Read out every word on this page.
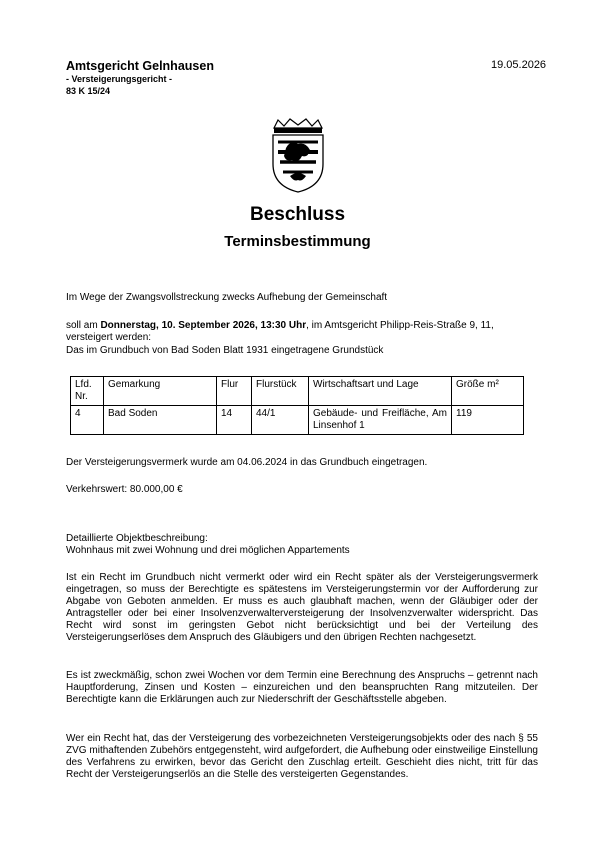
Amtsgericht Gelnhausen
- Versteigerungsgericht -
83 K 15/24
19.05.2026
Beschluss
Terminsbestimmung
Im Wege der Zwangsvollstreckung zwecks Aufhebung der Gemeinschaft
soll am Donnerstag, 10. September 2026, 13:30 Uhr, im Amtsgericht Philipp-Reis-Straße 9, 11, versteigert werden:
Das im Grundbuch von Bad Soden Blatt 1931 eingetragene Grundstück
Lfd. Nr.	Gemarkung	Flur	Flurstück	Wirtschaftsart und Lage	Größe m²
4	Bad Soden	14	44/1	Gebäude- und Freifläche, Am Linsenhof 1	119
Der Versteigerungsvermerk wurde am 04.06.2024 in das Grundbuch eingetragen.
Verkehrswert: 80.000,00 €
Detaillierte Objektbeschreibung:
Wohnhaus mit zwei Wohnung und drei möglichen Appartements
Ist ein Recht im Grundbuch nicht vermerkt oder wird ein Recht später als der Versteigerungsvermerk eingetragen, so muss der Berechtigte es spätestens im Versteigerungstermin vor der Aufforderung zur Abgabe von Geboten anmelden. Er muss es auch glaubhaft machen, wenn der Gläubiger oder der Antragsteller oder bei einer Insolvenzverwalterversteigerung der Insolvenzverwalter widerspricht. Das Recht wird sonst im geringsten Gebot nicht berücksichtigt und bei der Verteilung des Versteigerungserlöses dem Anspruch des Gläubigers und den übrigen Rechten nachgesetzt.
Es ist zweckmäßig, schon zwei Wochen vor dem Termin eine Berechnung des Anspruchs – getrennt nach Hauptforderung, Zinsen und Kosten – einzureichen und den beanspruchten Rang mitzuteilen. Der Berechtigte kann die Erklärungen auch zur Niederschrift der Geschäftsstelle abgeben.
Wer ein Recht hat, das der Versteigerung des vorbezeichneten Versteigerungsobjekts oder des nach § 55 ZVG mithaftenden Zubehörs entgegensteht, wird aufgefordert, die Aufhebung oder einstweilige Einstellung des Verfahrens zu erwirken, bevor das Gericht den Zuschlag erteilt. Geschieht dies nicht, tritt für das Recht der Versteigerungserlös an die Stelle des versteigerten Gegenstandes.
